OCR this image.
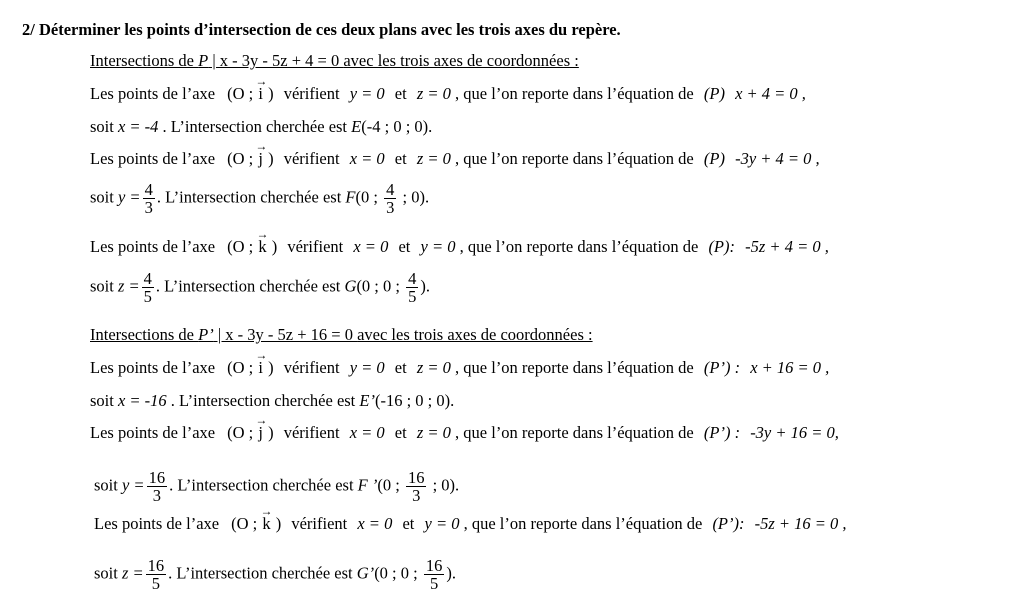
2/ Déterminer les points d’intersection de ces deux plans avec les trois axes du repère.
Intersections de P | x - 3y - 5z + 4 = 0 avec les trois axes de coordonnées :
Les points de l’axe (O ;
→
i ) vérifient y = 0 et z = 0 , que l’on reporte dans l’équation de (P) x + 4 = 0 ,
soit x = -4 . L’intersection cherchée est E(-4 ; 0 ; 0).
Les points de l’axe (O ;
→
j ) vérifient x = 0 et z = 0 , que l’on reporte dans l’équation de (P) -3y + 4 = 0 ,
soit $y = \frac{4}{3}$ . L’intersection cherchée est F(0 ; $\frac{4}{3}$ ; 0).
Les points de l’axe (O ;
→
k ) vérifient x = 0 et y = 0 , que l’on reporte dans l’équation de (P): -5z + 4 = 0 ,
soit $z = \frac{4}{5}$ . L’intersection cherchée est G(0 ; 0 ; $\frac{4}{5}$ ).
Intersections de P’ | x - 3y - 5z + 16 = 0 avec les trois axes de coordonnées :
Les points de l’axe (O ;
→
i ) vérifient y = 0 et z = 0 , que l’on reporte dans l’équation de (P’) : x + 16 = 0 ,
soit x = -16 . L’intersection cherchée est E’(-16 ; 0 ; 0).
Les points de l’axe (O ;
→
j ) vérifient x = 0 et z = 0 , que l’on reporte dans l’équation de (P’) : -3y + 16 = 0,
soit $y = \frac{16}{3}$ . L’intersection cherchée est F ’(0 ; $\frac{16}{3}$ ; 0).
Les points de l’axe (O ;
→
k ) vérifient x = 0 et y = 0 , que l’on reporte dans l’équation de (P’): -5z + 16 = 0 ,
soit $z = \frac{16}{5}$ . L’intersection cherchée est G’(0 ; 0 ; $\frac{16}{5}$ ).
